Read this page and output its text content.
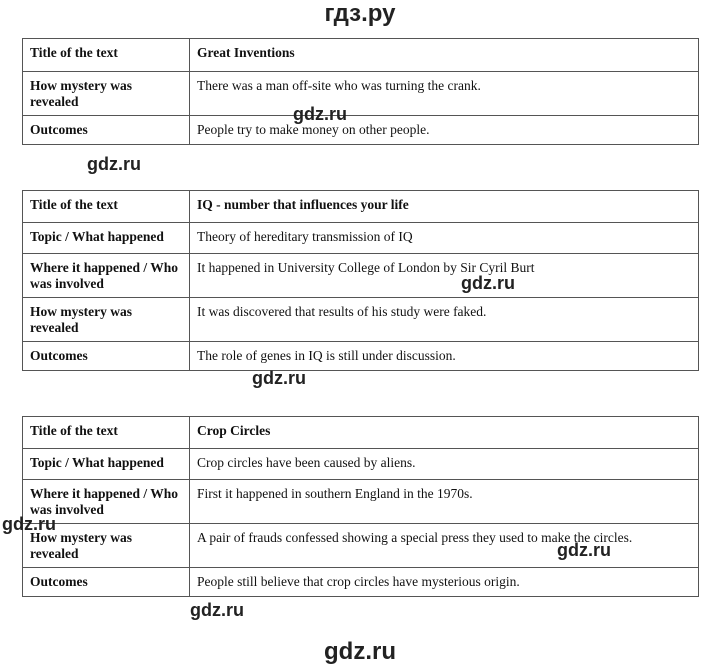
гдз.ру
Title of the text	Great Inventions
How mystery was revealed	There was a man off-site who was turning the crank.
Outcomes	People try to make money on other people.
Title of the text	IQ - number that influences your life
Topic / What happened	Theory of hereditary transmission of IQ
Where it happened / Who was involved	It happened in University College of London by Sir Cyril Burt
How mystery was revealed	It was discovered that results of his study were faked.
Outcomes	The role of genes in IQ is still under discussion.
Title of the text	Crop Circles
Topic / What happened	Crop circles have been caused by aliens.
Where it happened / Who was involved	First it happened in southern England in the 1970s.
How mystery was revealed	A pair of frauds confessed showing a special press they used to make the circles.
Outcomes	People still believe that crop circles have mysterious origin.
gdz.ru
gdz.ru
gdz.ru
gdz.ru
gdz.ru
gdz.ru
gdz.ru
gdz.ru
